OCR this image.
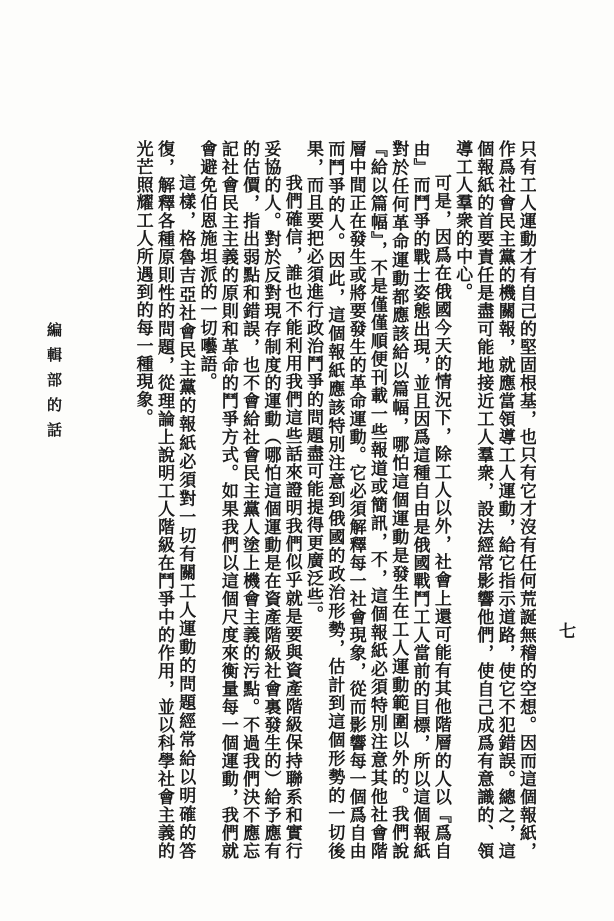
只有工人運動才有自己的堅固根基，也只有它才沒有任何荒誕無稽的空想。因而這個報紙，作爲社會民主黨的機關報，就應當領導工人運動，給它指示道路，使它不犯錯誤。總之，這個報紙的首要責任是盡可能地接近工人羣衆，設法經常影響他們，使自己成爲有意識的、領導工人羣衆的中心。

可是，因爲在俄國今天的情況下，除工人以外，社會上還可能有其他階層的人以『爲自由』而鬥爭的戰士姿態出現，並且因爲這種自由是俄國戰鬥工人當前的目標，所以這個報紙對於任何革命運動都應該給以篇幅，哪怕這個運動是發生在工人運動範圍以外的。我們說『給以篇幅』，不是僅僅順便刊載一些報道或簡訊，不，這個報紙必須特別注意其他社會階層中間正在發生或將要發生的革命運動。它必須解釋每一社會現象，從而影響每一個爲自由而鬥爭的人。因此，這個報紙應該特別注意到俄國的政治形勢，估計到這個形勢的一切後果，而且要把必須進行政治鬥爭的問題盡可能提得更廣泛些。

我們確信，誰也不能利用我們這些話來證明我們似乎就是要與資產階級保持聯系和實行妥協的人。對於反對現存制度的運動（哪怕這個運動是在資產階級社會裏發生的）給予應有的估價，指出弱點和錯誤，也不會給社會民主黨人塗上機會主義的污點。不過我們決不應忘記社會民主主義的原則和革命的鬥爭方式。如果我們以這個尺度來衡量每一個運動，我們就會避免伯恩施坦派的一切囈語。

這樣，格魯吉亞社會民主黨的報紙必須對一切有關工人運動的問題經常給以明確的答復，解釋各種原則性的問題，從理論上說明工人階級在鬥爭中的作用，並以科學社會主義的光芒照耀工人所遇到的每一種現象。

編輯部的話
七
